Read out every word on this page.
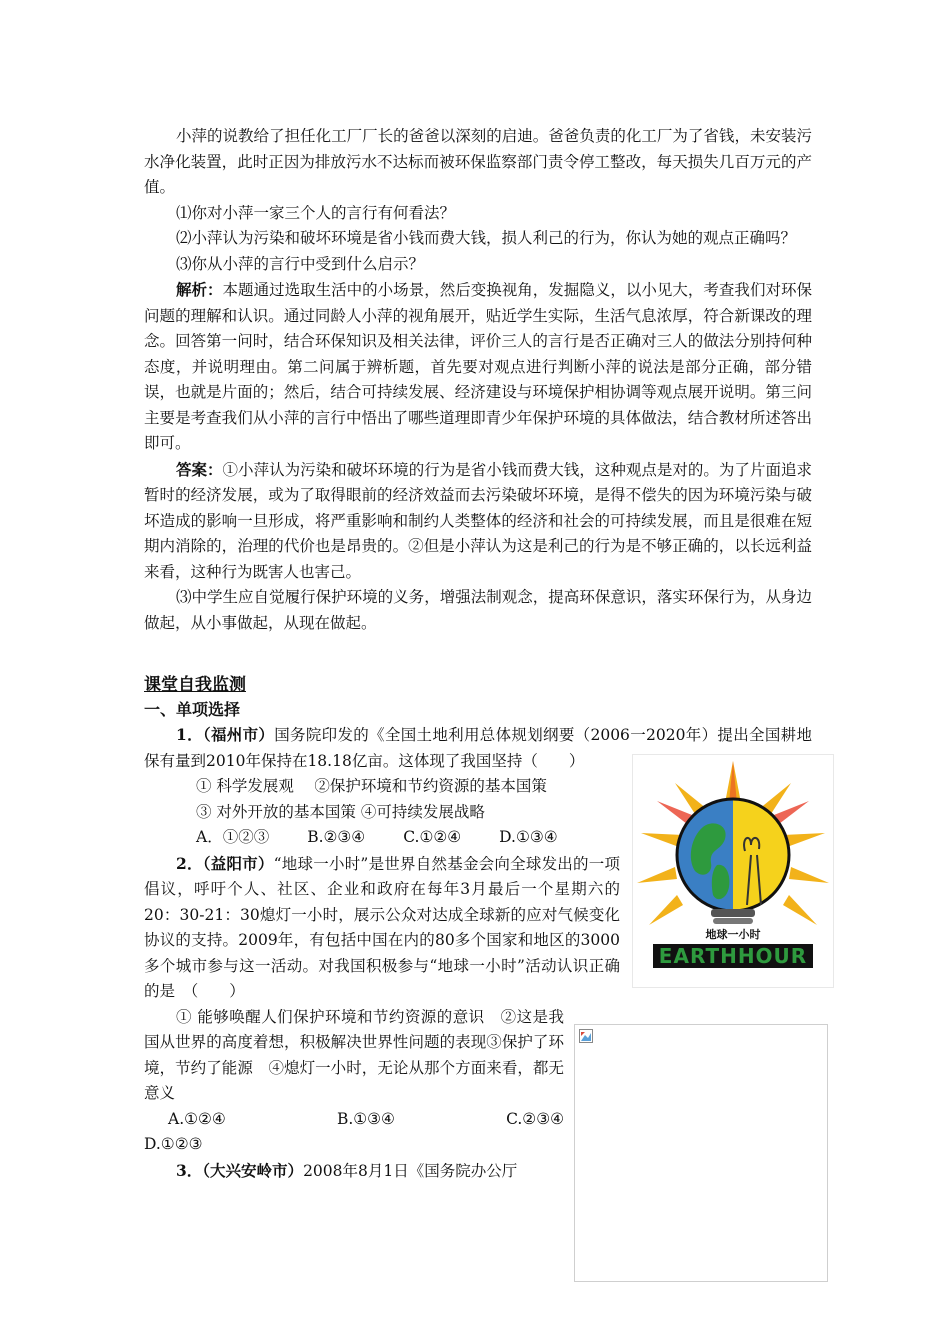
小萍的说教给了担任化工厂厂长的爸爸以深刻的启迪。爸爸负责的化工厂为了省钱，未安装污水净化装置，此时正因为排放污水不达标而被环保监察部门责令停工整改，每天损失几百万元的产值。

⑴你对小萍一家三个人的言行有何看法？

⑵小萍认为污染和破坏环境是省小钱而费大钱，损人利己的行为，你认为她的观点正确吗？

⑶你从小萍的言行中受到什么启示？

解析：本题通过选取生活中的小场景，然后变换视角，发掘隐义，以小见大，考查我们对环保问题的理解和认识。通过同龄人小萍的视角展开，贴近学生实际，生活气息浓厚，符合新课改的理念。回答第一问时，结合环保知识及相关法律，评价三人的言行是否正确对三人的做法分别持何种态度，并说明理由。第二问属于辨析题，首先要对观点进行判断小萍的说法是部分正确，部分错误，也就是片面的；然后，结合可持续发展、经济建设与环境保护相协调等观点展开说明。第三问主要是考查我们从小萍的言行中悟出了哪些道理即青少年保护环境的具体做法，结合教材所述答出即可。

答案：①小萍认为污染和破坏环境的行为是省小钱而费大钱，这种观点是对的。为了片面追求暂时的经济发展，或为了取得眼前的经济效益而去污染破坏环境，是得不偿失的因为环境污染与破坏造成的影响一旦形成，将严重影响和制约人类整体的经济和社会的可持续发展，而且是很难在短期内消除的，治理的代价也是昂贵的。②但是小萍认为这是利己的行为是不够正确的，以长远利益来看，这种行为既害人也害己。

⑶中学生应自觉履行保护环境的义务，增强法制观念，提高环保意识，落实环保行为，从身边做起，从小事做起，从现在做起。

课堂自我监测

一、单项选择

1．（福州市）国务院印发的《全国土地利用总体规划纲要（2006一2020年）提出全国耕地保有量到2010年保持在18.18亿亩。这体现了我国坚持（　　）

① 科学发展观　 ②保护环境和节约资源的基本国策

③ 对外开放的基本国策 ④可持续发展战略

A．①②③ B.②③④ C.①②④ D.①③④

2．（益阳市）“地球一小时”是世界自然基金会向全球发出的一项倡议，呼吁个人、社区、企业和政府在每年3月最后一个星期六的20：30-21：30熄灯一小时，展示公众对达成全球新的应对气候变化协议的支持。2009年，有包括中国在内的80多个国家和地区的3000多个城市参与这一活动。对我国积极参与“地球一小时”活动认识正确的是　（　　）

① 能够唤醒人们保护环境和节约资源的意识　②这是我国从世界的高度着想，积极解决世界性问题的表现③保护了环境，节约了能源　④熄灯一小时，无论从那个方面来看，都无意义

A.①②④	B.①③④	C.②③④

D.①②③

3．（大兴安岭市）2008年8月1日《国务院办公厅

地球一小时
EARTHHOUR
